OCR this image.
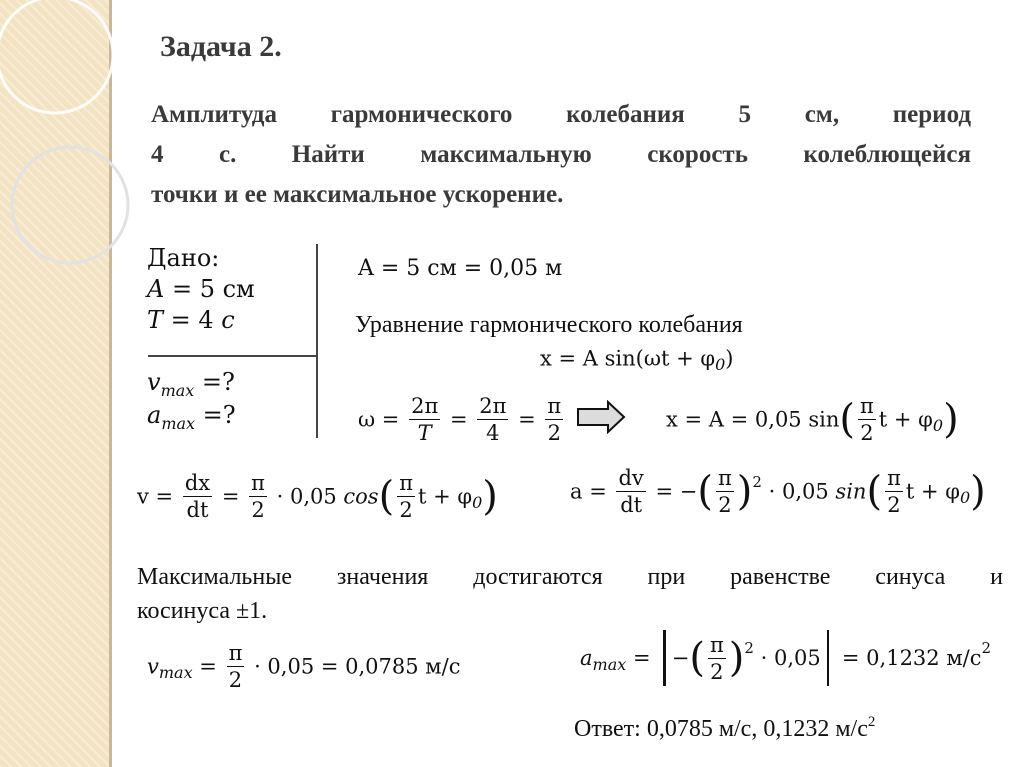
Задача 2.
Амплитуда гармонического колебания 5 см, период
4 с. Найти максимальную скорость колеблющейся
точки и ее максимальное ускорение.
Дано:
A = 5 см
T = 4 c
$v_{max}$ =?
$a_{max}$ =?
A = 5 см = 0,05 м
Уравнение гармонического колебания
x = A $\sin(\omega t + \varphi_0)$
$\omega = \frac{2\pi}{T} = \frac{2\pi}{4} = \frac{\pi}{2}$	x = A = 0,05 $\sin( \frac{\pi}{2}$ $t + \varphi_0$)
$v = \frac{dx}{dt} = \frac{\pi}{2} \cdot 0,05$ $\cos( \frac{\pi}{2}$ $t + \varphi_0$)	$a = \frac{dv}{dt}$ = −( $\frac{\pi}{2} )^2 \cdot 0,05$ $\sin( \frac{\pi}{2}$ $t + \varphi_0$)
Максимальные значения достигаются при равенстве синуса и
косинуса ±1.
$v_{max} = \frac{\pi}{2} \cdot 0,05 = 0,0785$ м/с	$a_{max}$ = −( $\frac{\pi}{2} )^2 \cdot 0,05 = 0,1232$ $м/с^2$
Ответ: 0,0785 м/с, 0,1232 $м/с^2$
